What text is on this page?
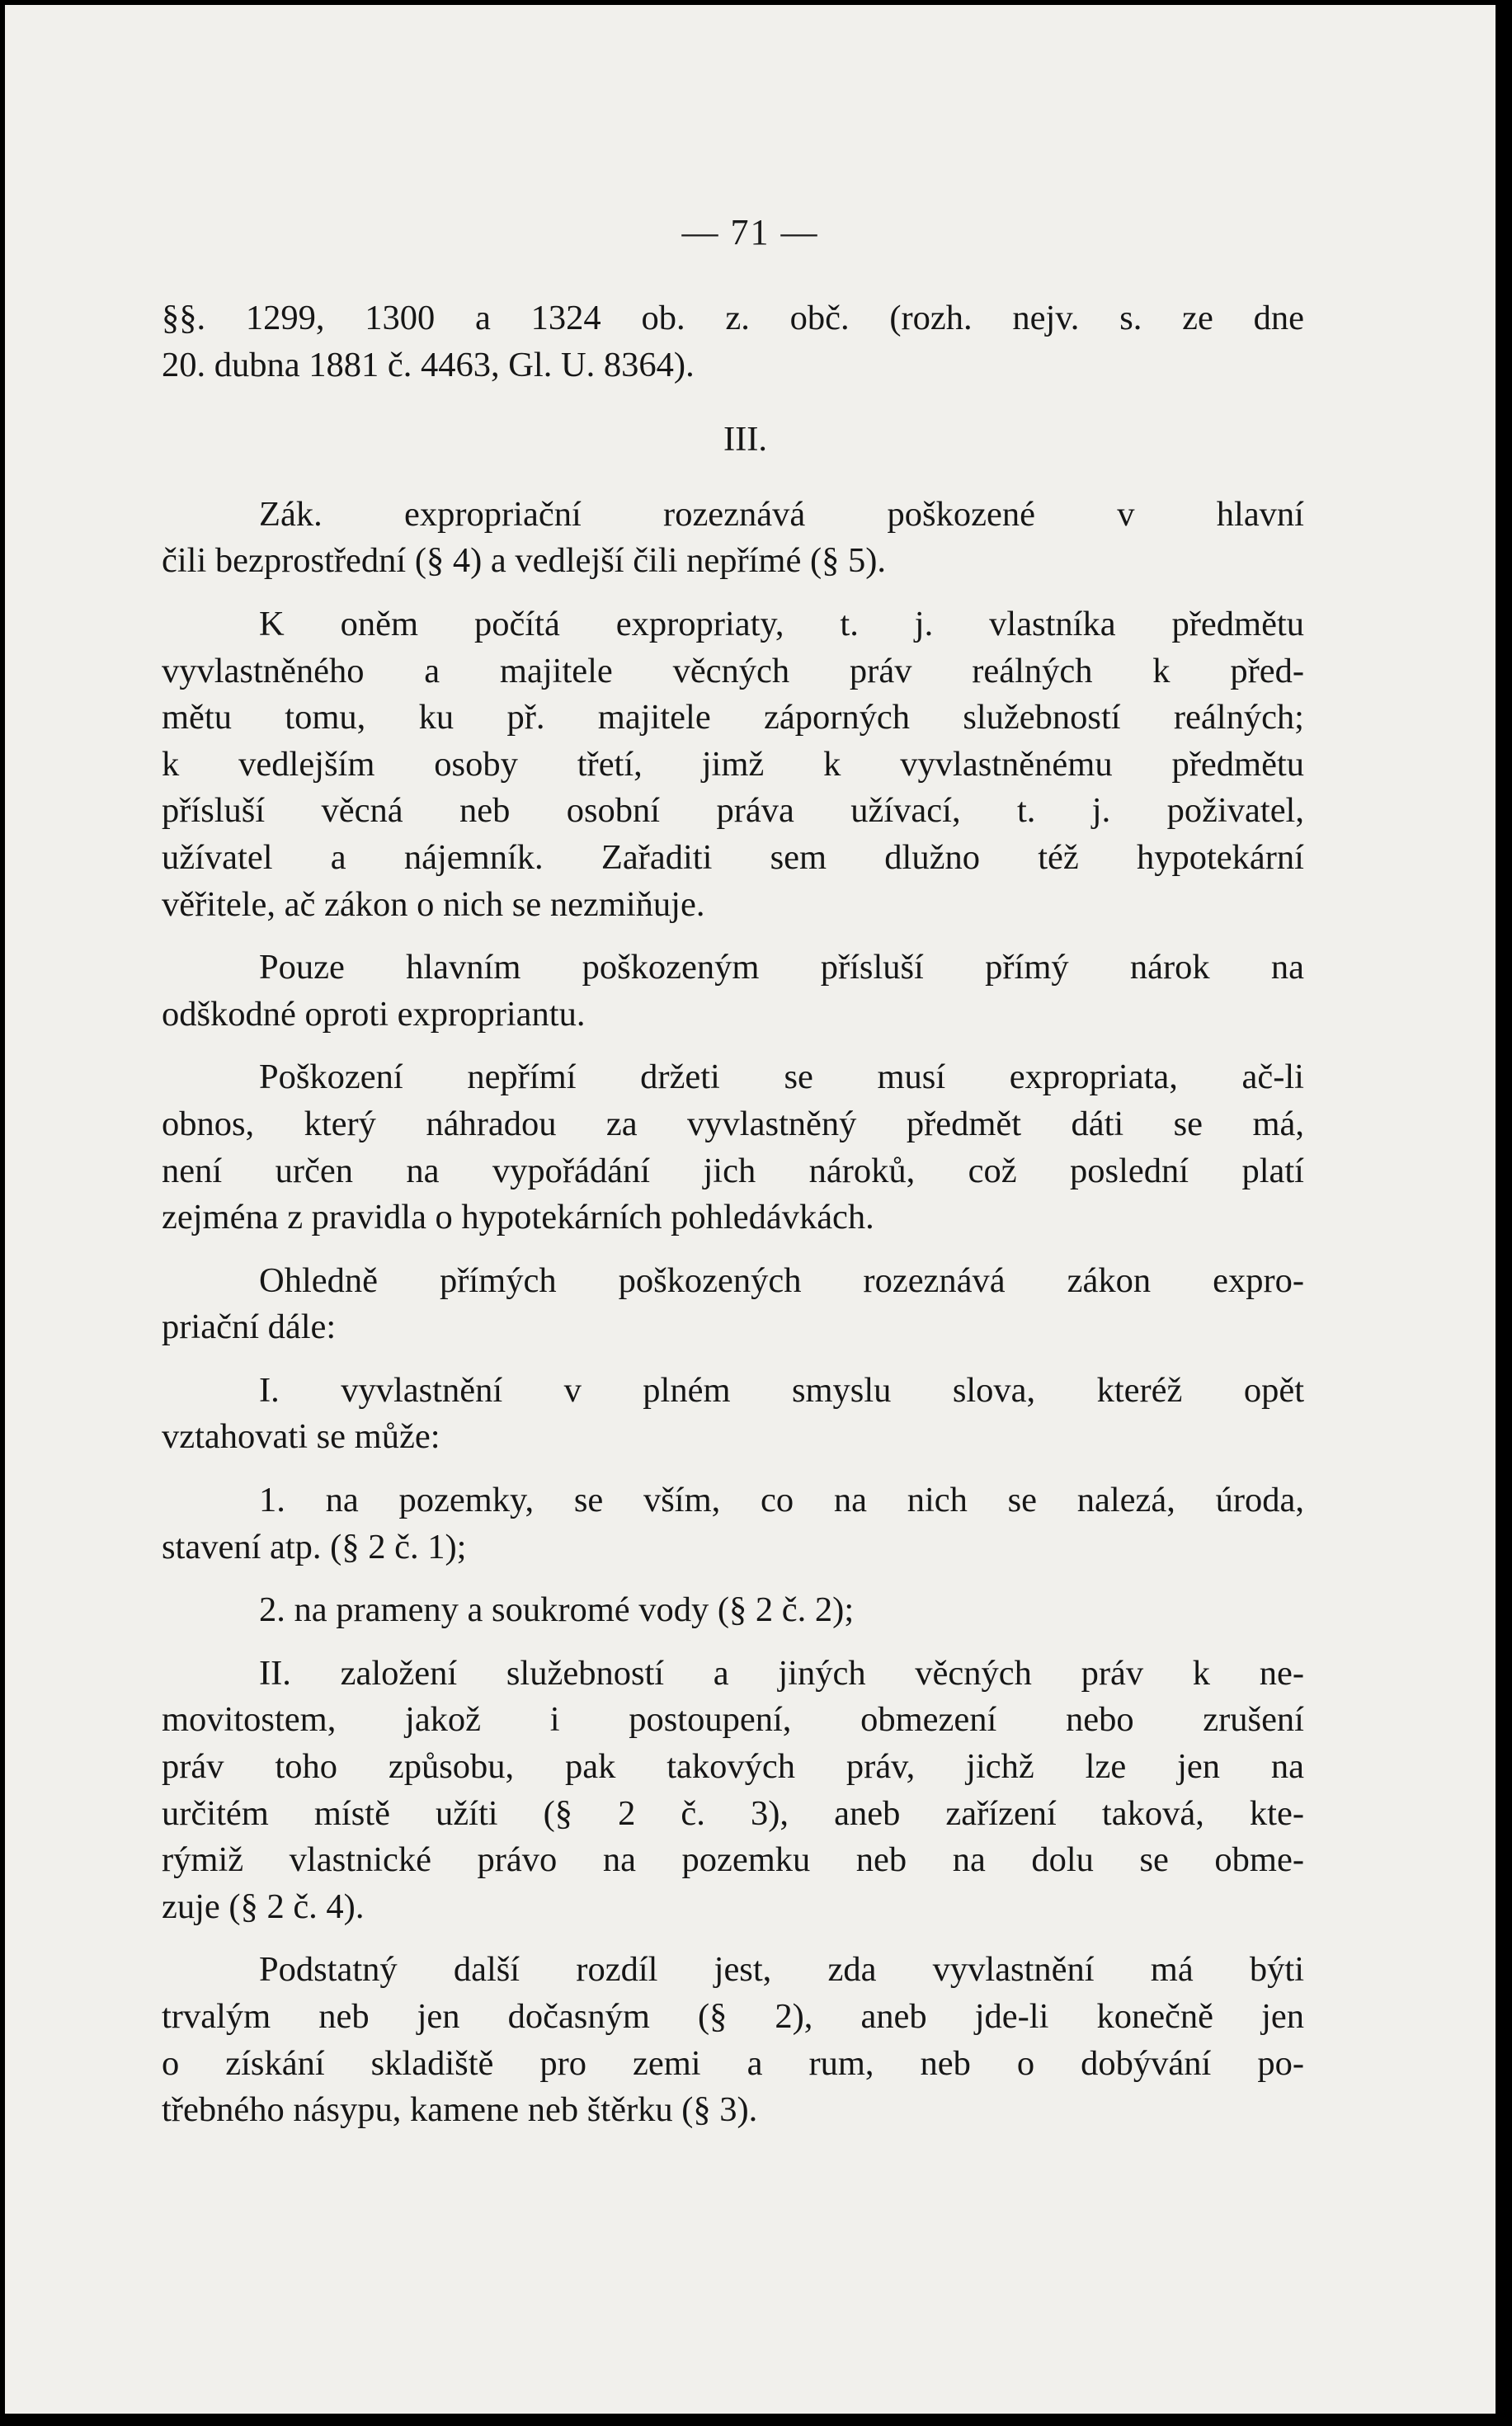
— 71 —
§§. 1299, 1300 a 1324 ob. z. obč. (rozh. nejv. s. ze dne
20. dubna 1881 č. 4463, Gl. U. 8364).
III.
Zák. expropriační rozeznává poškozené v hlavní
čili bezprostřední (§ 4) a vedlejší čili nepřímé (§ 5).
K oněm počítá expropriaty, t. j. vlastníka předmětu
vyvlastněného a majitele věcných práv reálných k před-
mětu tomu, ku př. majitele záporných služebností reálných;
k vedlejším osoby třetí, jimž k vyvlastněnému předmětu
přísluší věcná neb osobní práva užívací, t. j. poživatel,
užívatel a nájemník. Zařaditi sem dlužno též hypotekární
věřitele, ač zákon o nich se nezmiňuje.
Pouze hlavním poškozeným přísluší přímý nárok na
odškodné oproti expropriantu.
Poškození nepřímí držeti se musí expropriata, ač-li
obnos, který náhradou za vyvlastněný předmět dáti se má,
není určen na vypořádání jich nároků, což poslední platí
zejména z pravidla o hypotekárních pohledávkách.
Ohledně přímých poškozených rozeznává zákon expro-
priační dále:
I. vyvlastnění v plném smyslu slova, kteréž opět
vztahovati se může:
1. na pozemky, se vším, co na nich se nalezá, úroda,
stavení atp. (§ 2 č. 1);
2. na prameny a soukromé vody (§ 2 č. 2);
II. založení služebností a jiných věcných práv k ne-
movitostem, jakož i postoupení, obmezení nebo zrušení
práv toho způsobu, pak takových práv, jichž lze jen na
určitém místě užíti (§ 2 č. 3), aneb zařízení taková, kte-
rýmiž vlastnické právo na pozemku neb na dolu se obme-
zuje (§ 2 č. 4).
Podstatný další rozdíl jest, zda vyvlastnění má býti
trvalým neb jen dočasným (§ 2), aneb jde-li konečně jen
o získání skladiště pro zemi a rum, neb o dobývání po-
třebného násypu, kamene neb štěrku (§ 3).
